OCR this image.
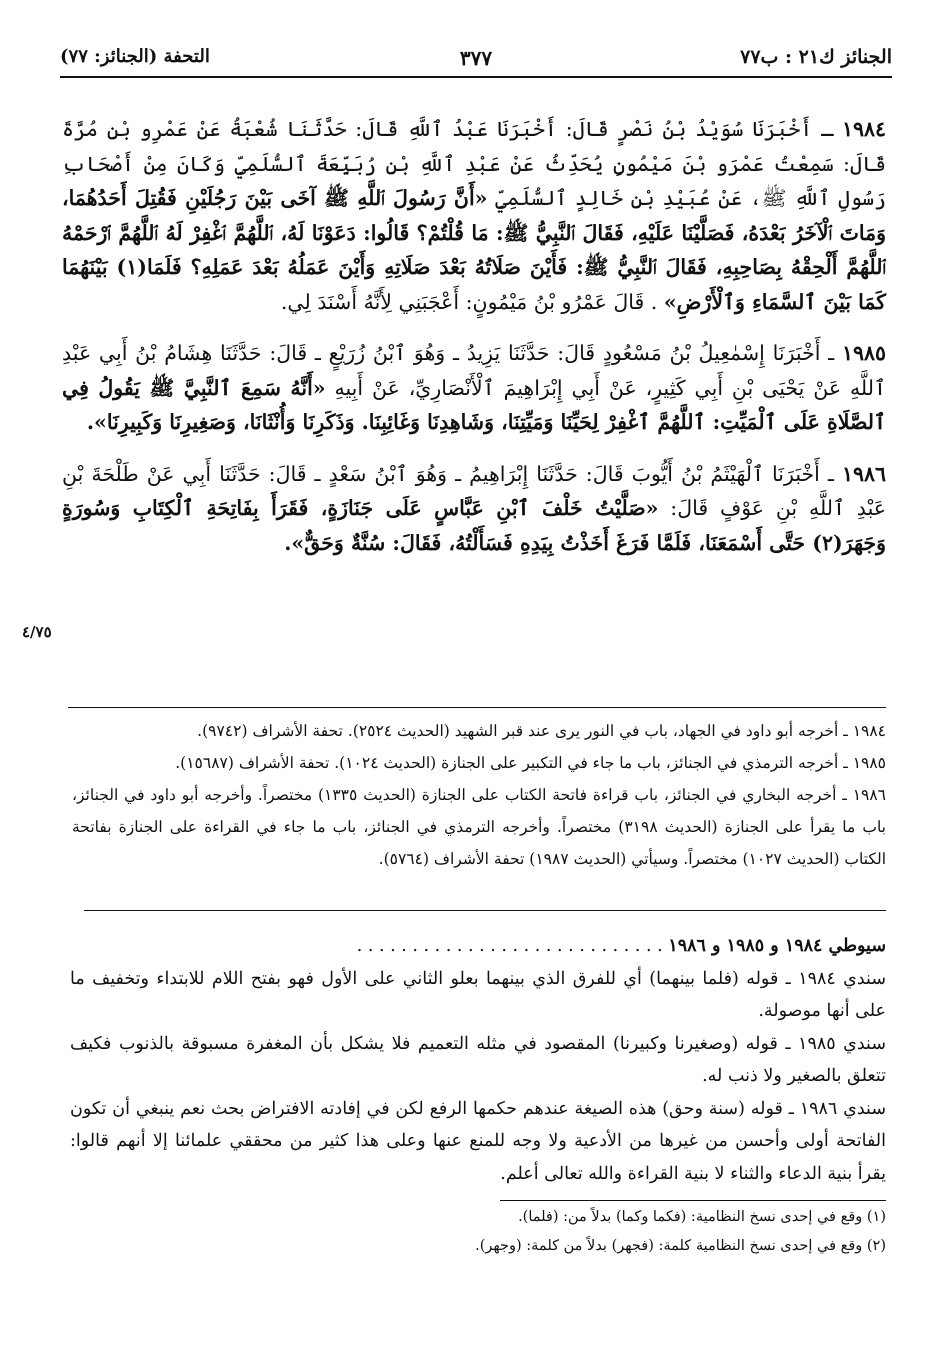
الجنائز ك٢١ : ب٧٧
٣٧٧
التحفة (الجنائز: ٧٧)

١٩٨٤ ـ أَخْبَرَنَا سُوَيْدُ بْنُ نَصْرٍ قَالَ: أَخْبَرَنَا عَبْدُ ٱللَّهِ قَالَ: حَدَّثَنَا شُعْبَةُ عَنْ عَمْرِو بْنِ مُرَّةَ قَالَ: سَمِعْتُ عَمْرَو بْنَ مَيْمُونٍ يُحَدِّثُ عَنْ عَبْدِ ٱللَّهِ بْنِ رُبَيِّعَةَ ٱلسُّلَمِيِّ وَكَانَ مِنْ أَصْحَابِ رَسُولِ ٱللَّهِ ﷺ، عَنْ عُبَيْدِ بْنِ خَالِدٍ ٱلسُّلَمِيِّ «أَنَّ رَسُولَ ٱللَّهِ ﷺ آخَى بَيْنَ رَجُلَيْنِ فَقُتِلَ أَحَدُهُمَا، وَمَاتَ ٱلْآخَرُ بَعْدَهُ، فَصَلَّيْنَا عَلَيْهِ، فَقَالَ ٱلنَّبِيُّ ﷺ: مَا قُلْتُمْ؟ قَالُوا: دَعَوْنَا لَهُ، ٱللَّهُمَّ ٱغْفِرْ لَهُ ٱللَّهُمَّ ٱرْحَمْهُ ٱللَّهُمَّ أَلْحِقْهُ بِصَاحِبِهِ، فَقَالَ ٱلنَّبِيُّ ﷺ: فَأَيْنَ صَلَاتُهُ بَعْدَ صَلَاتِهِ وَأَيْنَ عَمَلُهُ بَعْدَ عَمَلِهِ؟ فَلَمَا(١) بَيْنَهُمَا كَمَا بَيْنَ ٱلسَّمَاءِ وَٱلْأَرْضِ» . قَالَ عَمْرُو بْنُ مَيْمُونٍ: أَعْجَبَنِي لِأَنَّهُ أَسْنَدَ لِي.

١٩٨٥ ـ أَخْبَرَنَا إِسْمٰعِيلُ بْنُ مَسْعُودٍ قَالَ: حَدَّثَنَا يَزِيدُ ـ وَهُوَ ٱبْنُ زُرَيْعٍ ـ قَالَ: حَدَّثَنَا هِشَامُ بْنُ أَبِي عَبْدِ ٱللَّهِ عَنْ يَحْيَى بْنِ أَبِي كَثِيرٍ، عَنْ أَبِي إِبْرَاهِيمَ ٱلْأَنْصَارِيِّ، عَنْ أَبِيهِ «أَنَّهُ سَمِعَ ٱلنَّبِيَّ ﷺ يَقُولُ فِي ٱلصَّلَاةِ عَلَى ٱلْمَيِّتِ: ٱللَّهُمَّ ٱغْفِرْ لِحَيِّنَا وَمَيِّتِنَا، وَشَاهِدِنَا وَغَائِبِنَا. وَذَكَرِنَا وَأُنْثَانَا، وَصَغِيرِنَا وَكَبِيرِنَا».

١٩٨٦ ـ أَخْبَرَنَا ٱلْهَيْثَمُ بْنُ أَيُّوبَ قَالَ: حَدَّثَنَا إِبْرَاهِيمُ ـ وَهُوَ ٱبْنُ سَعْدٍ ـ قَالَ: حَدَّثَنَا أَبِي عَنْ طَلْحَةَ بْنِ عَبْدِ ٱللَّهِ بْنِ عَوْفٍ قَالَ: «صَلَّيْتُ خَلْفَ ٱبْنِ عَبَّاسٍ عَلَى جَنَازَةٍ، فَقَرَأَ بِفَاتِحَةِ ٱلْكِتَابِ وَسُورَةٍ وَجَهَرَ(٢) حَتَّى أَسْمَعَنَا، فَلَمَّا فَرَغَ أَخَذْتُ بِيَدِهِ فَسَأَلْتُهُ، فَقَالَ: سُنَّةٌ وَحَقٌّ».

٤/٧٥

١٩٨٤ ـ أخرجه أبو داود في الجهاد، باب في النور يرى عند قبر الشهيد (الحديث ٢٥٢٤). تحفة الأشراف (٩٧٤٢).

١٩٨٥ ـ أخرجه الترمذي في الجنائز، باب ما جاء في التكبير على الجنازة (الحديث ١٠٢٤). تحفة الأشراف (١٥٦٨٧).

١٩٨٦ ـ أخرجه البخاري في الجنائز، باب قراءة فاتحة الكتاب على الجنازة (الحديث ١٣٣٥) مختصراً. وأخرجه أبو داود في الجنائز، باب ما يقرأ على الجنازة (الحديث ٣١٩٨) مختصراً. وأخرجه الترمذي في الجنائز، باب ما جاء في القراءة على الجنازة بفاتحة الكتاب (الحديث ١٠٢٧) مختصراً. وسيأتي (الحديث ١٩٨٧) تحفة الأشراف (٥٧٦٤).

سيوطي ١٩٨٤ و ١٩٨٥ و ١٩٨٦ . . . . . . . . . . . . . . . . . . . . . . . . . . . .

سندي ١٩٨٤ ـ قوله (فلما بينهما) أي للفرق الذي بينهما بعلو الثاني على الأول فهو بفتح اللام للابتداء وتخفيف ما على أنها موصولة.

سندي ١٩٨٥ ـ قوله (وصغيرنا وكبيرنا) المقصود في مثله التعميم فلا يشكل بأن المغفرة مسبوقة بالذنوب فكيف تتعلق بالصغير ولا ذنب له.

سندي ١٩٨٦ ـ قوله (سنة وحق) هذه الصيغة عندهم حكمها الرفع لكن في إفادته الافتراض بحث نعم ينبغي أن تكون الفاتحة أولى وأحسن من غيرها من الأدعية ولا وجه للمنع عنها وعلى هذا كثير من محققي علمائنا إلا أنهم قالوا: يقرأ بنية الدعاء والثناء لا بنية القراءة والله تعالى أعلم.

(١) وقع في إحدى نسخ النظامية: (فكما وكما) بدلاً من: (فلما).

(٢) وقع في إحدى نسخ النظامية كلمة: (فجهر) بدلاً من كلمة: (وجهر).
